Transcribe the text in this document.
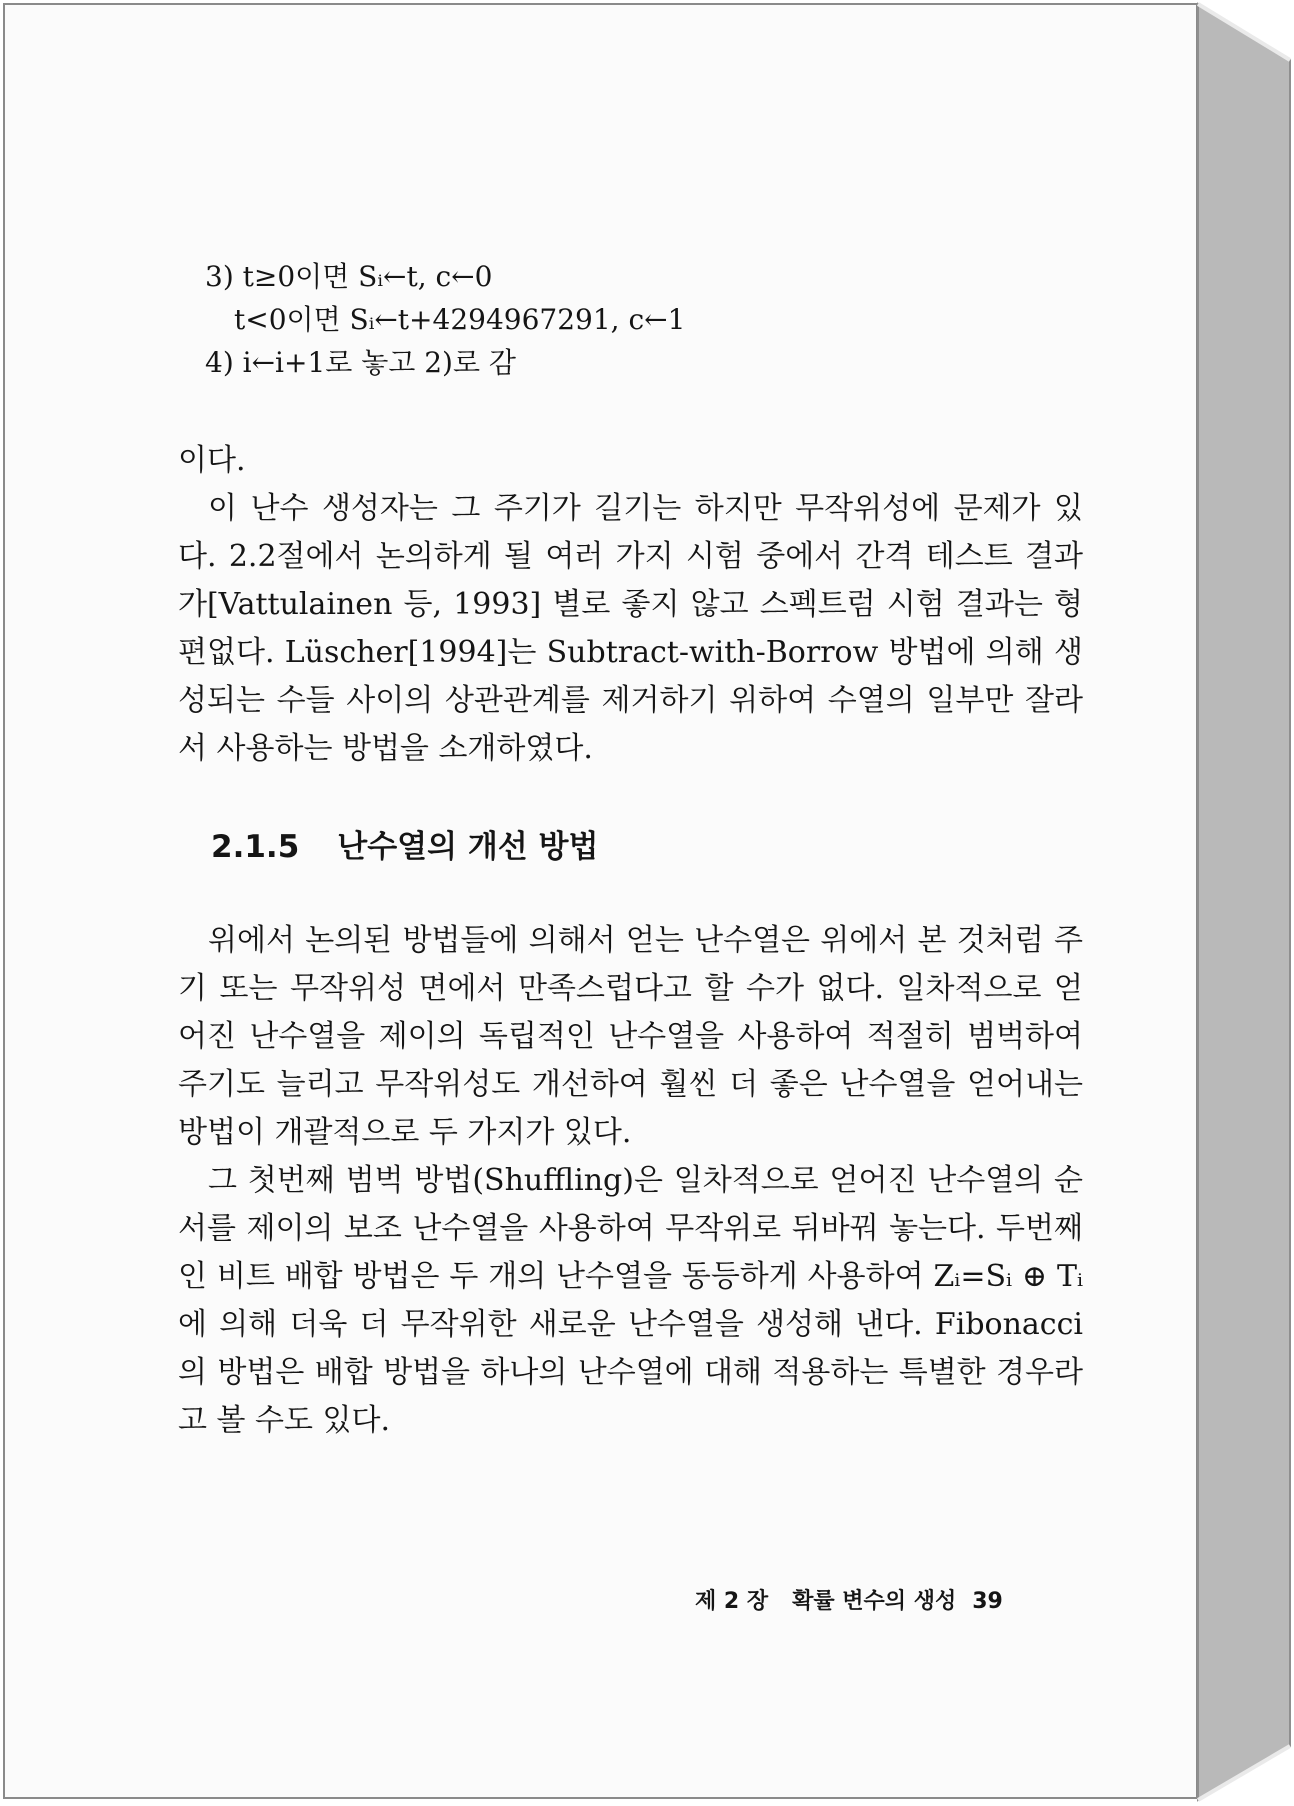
3) t≥0이면 Sᵢ←t, c←0
t<0이면 Sᵢ←t+4294967291, c←1
4) i←i+1로 놓고 2)로 감

이다.

이 난수 생성자는 그 주기가 길기는 하지만 무작위성에 문제가 있다. 2.2절에서 논의하게 될 여러 가지 시험 중에서 간격 테스트 결과가[Vattulainen 등, 1993] 별로 좋지 않고 스펙트럼 시험 결과는 형편없다. Lüscher[1994]는 Subtract-with-Borrow 방법에 의해 생성되는 수들 사이의 상관관계를 제거하기 위하여 수열의 일부만 잘라서 사용하는 방법을 소개하였다.

2.1.5 난수열의 개선 방법

위에서 논의된 방법들에 의해서 얻는 난수열은 위에서 본 것처럼 주기 또는 무작위성 면에서 만족스럽다고 할 수가 없다. 일차적으로 얻어진 난수열을 제이의 독립적인 난수열을 사용하여 적절히 범벅하여 주기도 늘리고 무작위성도 개선하여 훨씬 더 좋은 난수열을 얻어내는 방법이 개괄적으로 두 가지가 있다.

그 첫번째 범벅 방법(Shuffling)은 일차적으로 얻어진 난수열의 순서를 제이의 보조 난수열을 사용하여 무작위로 뒤바꿔 놓는다. 두번째인 비트 배합 방법은 두 개의 난수열을 동등하게 사용하여 Zᵢ=Sᵢ ⊕ Tᵢ에 의해 더욱 더 무작위한 새로운 난수열을 생성해 낸다. Fibonacci의 방법은 배합 방법을 하나의 난수열에 대해 적용하는 특별한 경우라고 볼 수도 있다.

제 2 장 확률 변수의 생성 39
